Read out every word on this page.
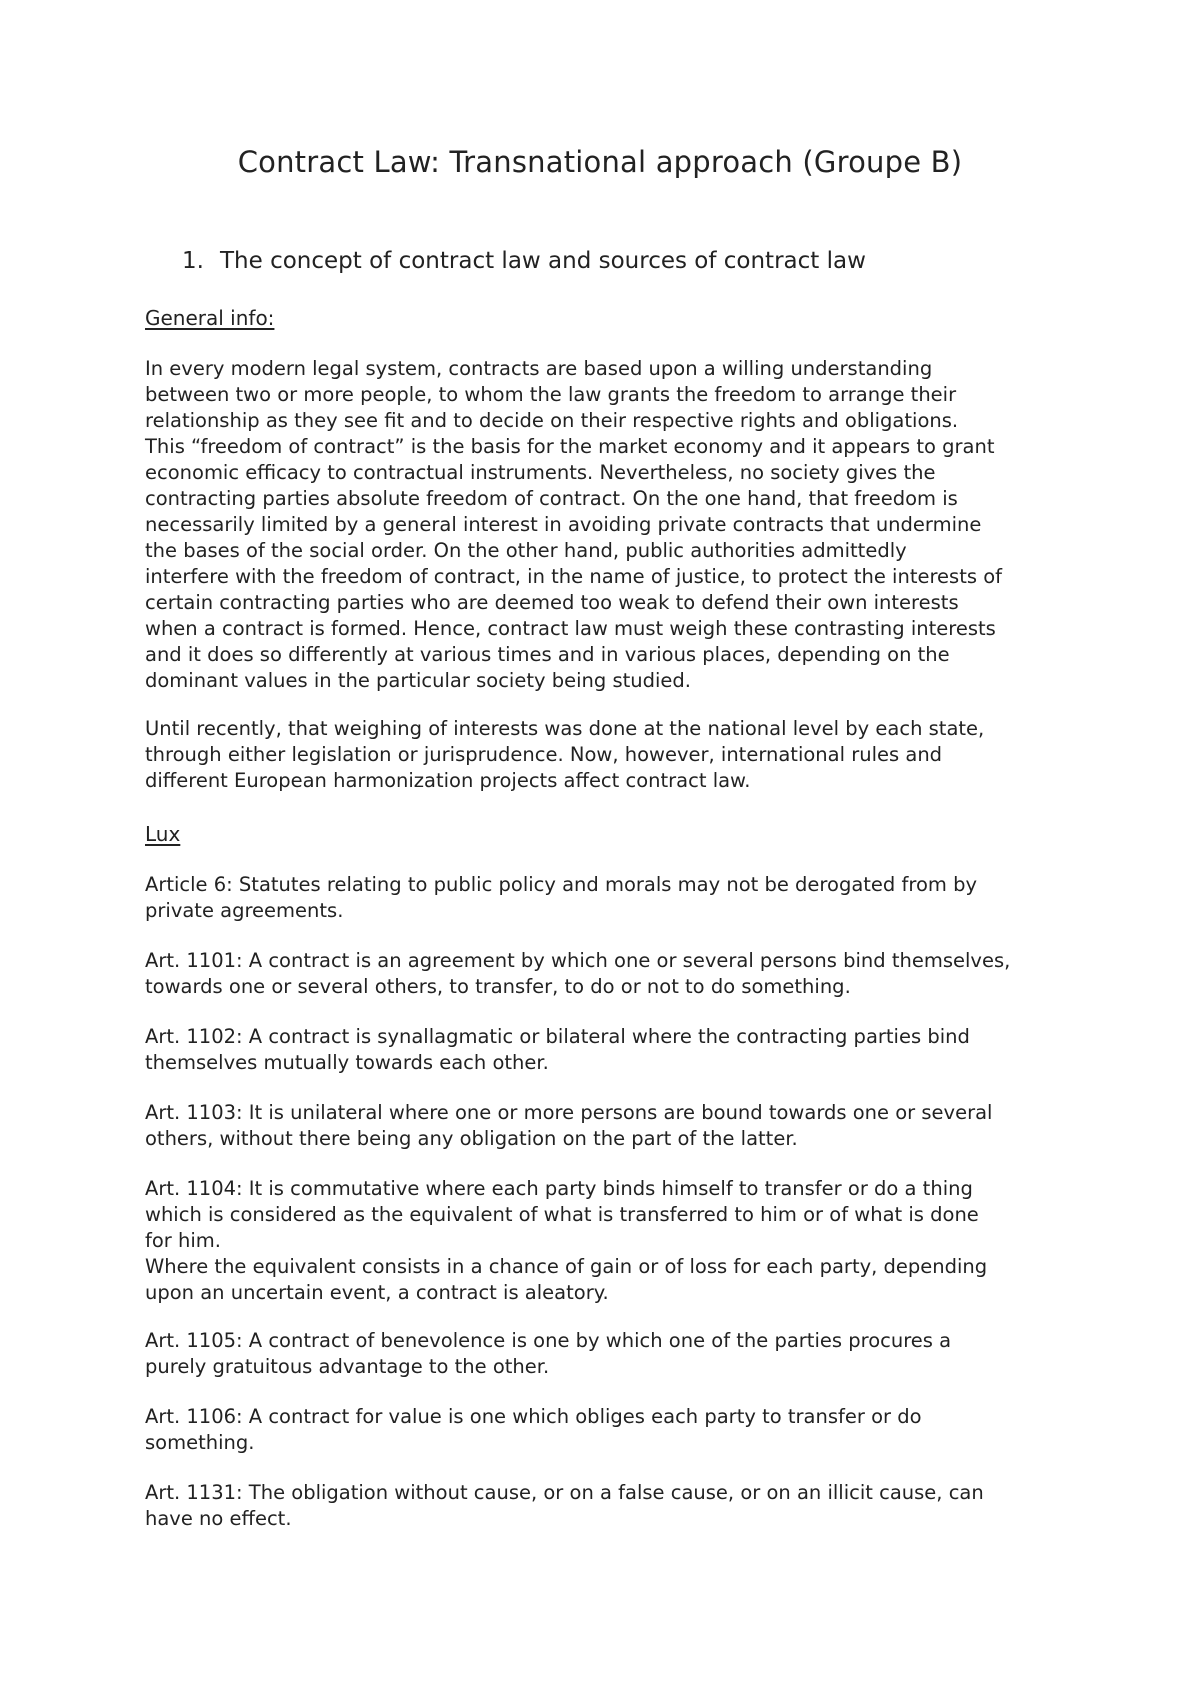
Contract Law: Transnational approach (Groupe B)
1. The concept of contract law and sources of contract law
General info:
In every modern legal system, contracts are based upon a willing understanding
between two or more people, to whom the law grants the freedom to arrange their
relationship as they see fit and to decide on their respective rights and obligations.
This “freedom of contract” is the basis for the market economy and it appears to grant
economic efficacy to contractual instruments. Nevertheless, no society gives the
contracting parties absolute freedom of contract. On the one hand, that freedom is
necessarily limited by a general interest in avoiding private contracts that undermine
the bases of the social order. On the other hand, public authorities admittedly
interfere with the freedom of contract, in the name of justice, to protect the interests of
certain contracting parties who are deemed too weak to defend their own interests
when a contract is formed. Hence, contract law must weigh these contrasting interests
and it does so differently at various times and in various places, depending on the
dominant values in the particular society being studied.
Until recently, that weighing of interests was done at the national level by each state,
through either legislation or jurisprudence. Now, however, international rules and
different European harmonization projects affect contract law.
Lux
Article 6: Statutes relating to public policy and morals may not be derogated from by
private agreements.
Art. 1101: A contract is an agreement by which one or several persons bind themselves,
towards one or several others, to transfer, to do or not to do something.
Art. 1102: A contract is synallagmatic or bilateral where the contracting parties bind
themselves mutually towards each other.
Art. 1103: It is unilateral where one or more persons are bound towards one or several
others, without there being any obligation on the part of the latter.
Art. 1104: It is commutative where each party binds himself to transfer or do a thing
which is considered as the equivalent of what is transferred to him or of what is done
for him.
Where the equivalent consists in a chance of gain or of loss for each party, depending
upon an uncertain event, a contract is aleatory.
Art. 1105: A contract of benevolence is one by which one of the parties procures a
purely gratuitous advantage to the other.
Art. 1106: A contract for value is one which obliges each party to transfer or do
something.
Art. 1131: The obligation without cause, or on a false cause, or on an illicit cause, can
have no effect.
